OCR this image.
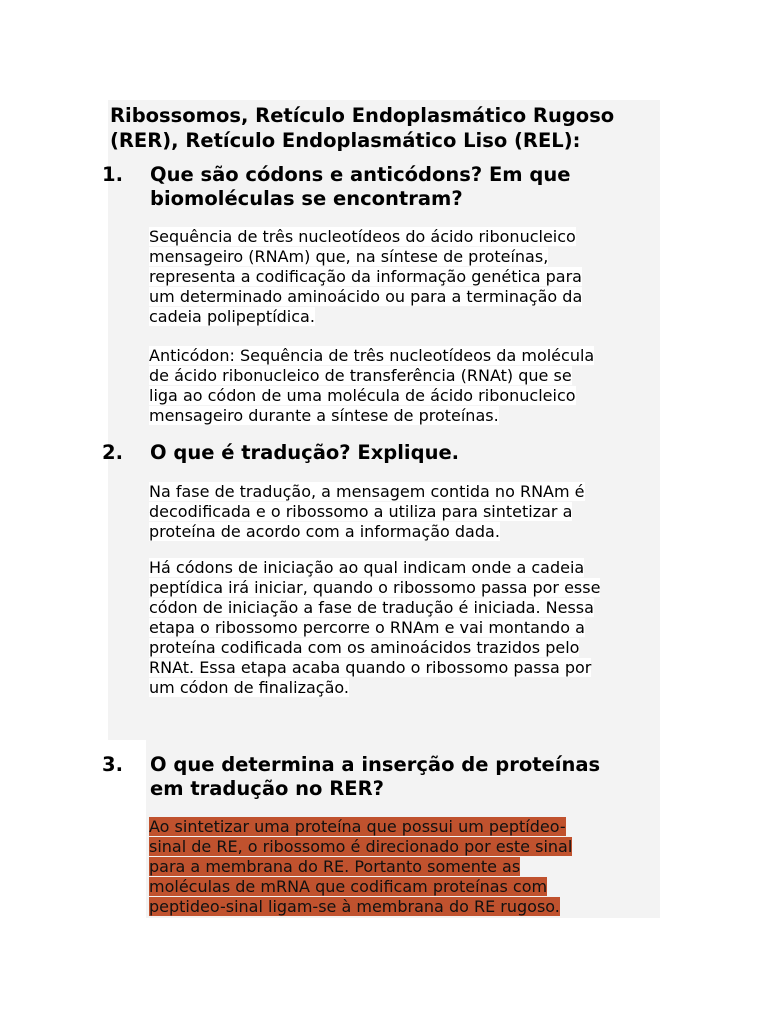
Ribossomos, Retículo Endoplasmático Rugoso
(RER), Retículo Endoplasmático Liso (REL):
1. Que são códons e anticódons? Em que
biomoléculas se encontram?
Sequência de três nucleotídeos do ácido ribonucleico
mensageiro (RNAm) que, na síntese de proteínas,
representa a codificação da informação genética para
um determinado aminoácido ou para a terminação da
cadeia polipeptídica.
Anticódon: Sequência de três nucleotídeos da molécula
de ácido ribonucleico de transferência (RNAt) que se
liga ao códon de uma molécula de ácido ribonucleico
mensageiro durante a síntese de proteínas.
2. O que é tradução? Explique.
Na fase de tradução, a mensagem contida no RNAm é
decodificada e o ribossomo a utiliza para sintetizar a
proteína de acordo com a informação dada.
Há códons de iniciação ao qual indicam onde a cadeia
peptídica irá iniciar, quando o ribossomo passa por esse
códon de iniciação a fase de tradução é iniciada. Nessa
etapa o ribossomo percorre o RNAm e vai montando a
proteína codificada com os aminoácidos trazidos pelo
RNAt. Essa etapa acaba quando o ribossomo passa por
um códon de finalização.
3. O que determina a inserção de proteínas
em tradução no RER?
Ao sintetizar uma proteína que possui um peptídeo-
sinal de RE, o ribossomo é direcionado por este sinal
para a membrana do RE. Portanto somente as
moléculas de mRNA que codificam proteínas com
peptideo-sinal ligam-se à membrana do RE rugoso.
